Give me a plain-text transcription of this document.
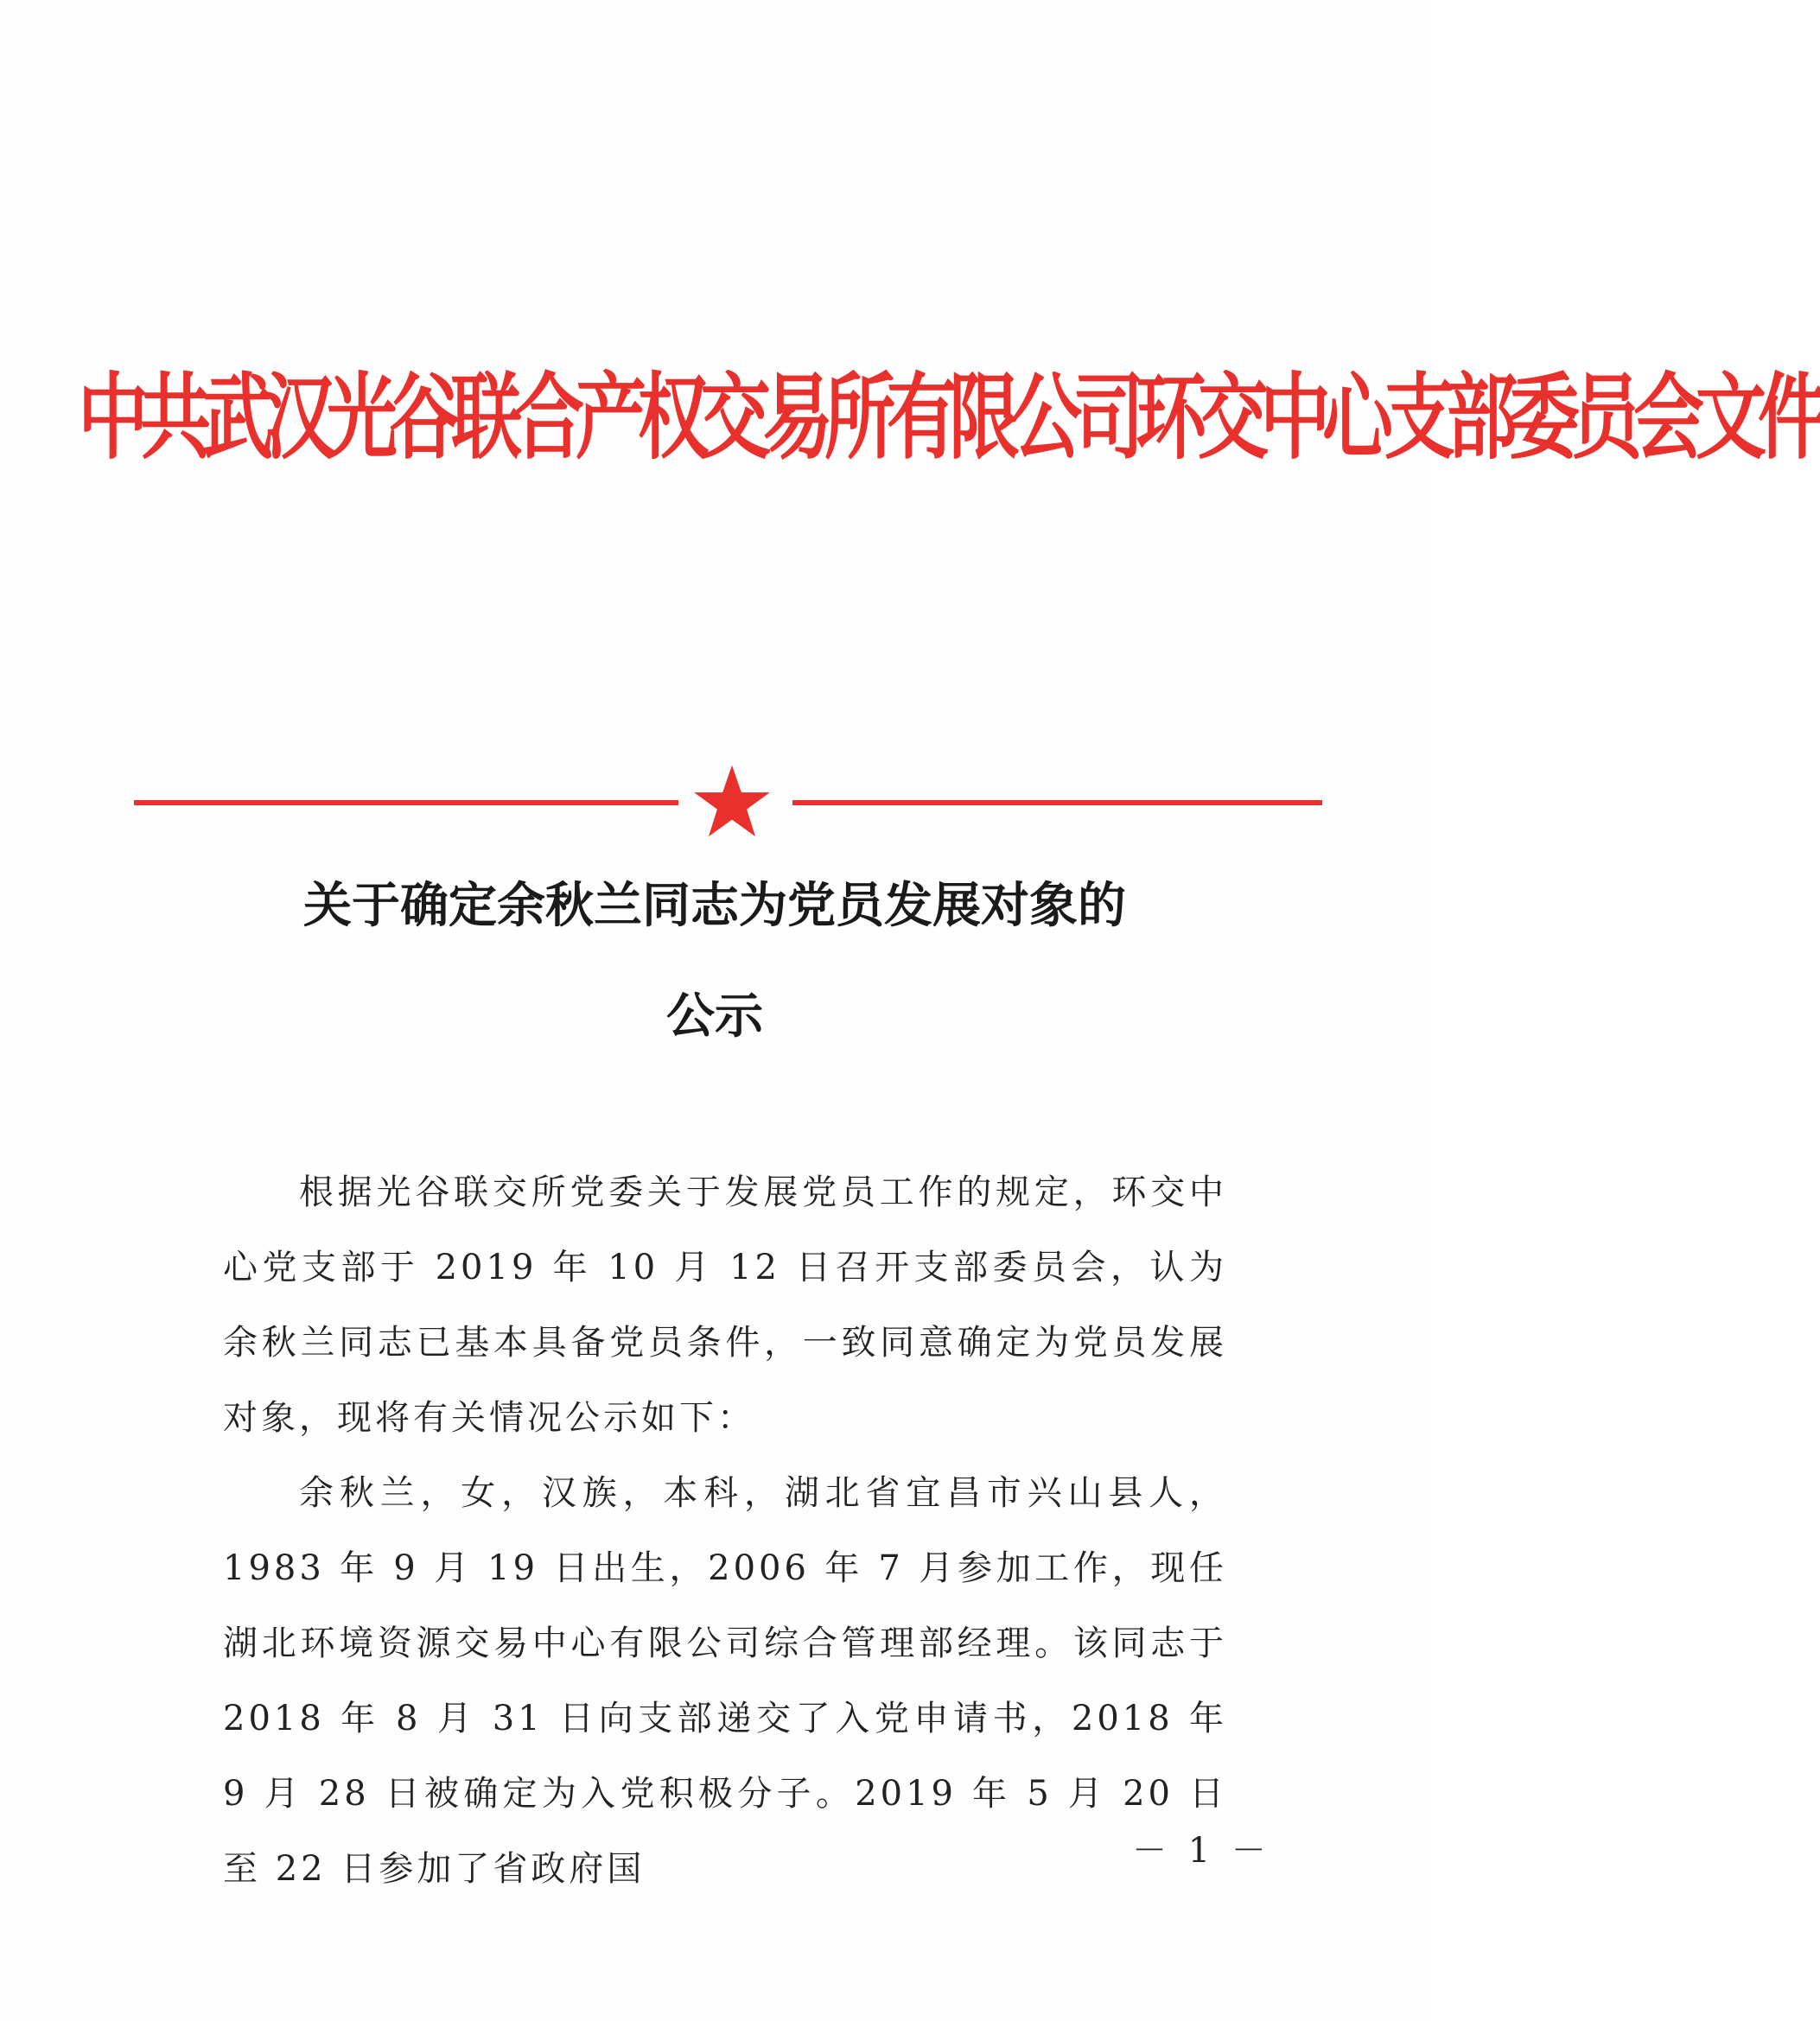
中共武汉光谷联合产权交易所有限公司环交中心支部委员会文件
关于确定余秋兰同志为党员发展对象的
公示

根据光谷联交所党委关于发展党员工作的规定，环交中心党支部于 2019 年 10 月 12 日召开支部委员会，认为余秋兰同志已基本具备党员条件，一致同意确定为党员发展对象，现将有关情况公示如下：

余秋兰，女，汉族，本科，湖北省宜昌市兴山县人，1983 年 9 月 19 日出生，2006 年 7 月参加工作，现任湖北环境资源交易中心有限公司综合管理部经理。该同志于 2018 年 8 月 31 日向支部递交了入党申请书，2018 年 9 月 28 日被确定为入党积极分子。2019 年 5 月 20 日至 22 日参加了省政府国	－ 1 －
